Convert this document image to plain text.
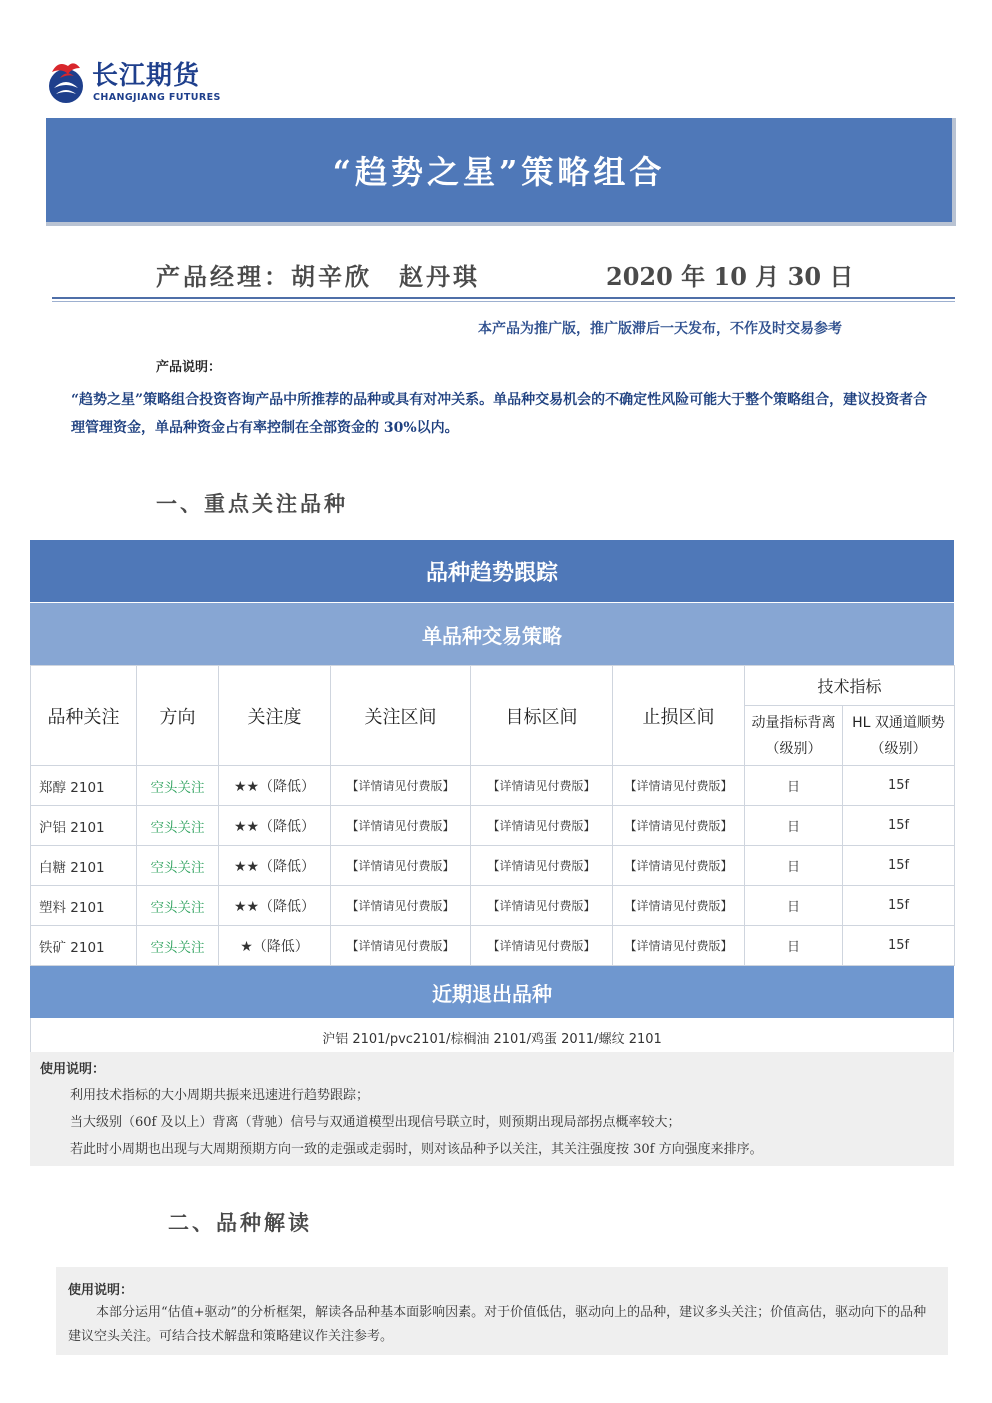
长江期货
CHANGJIANG FUTURES
“趋势之星”策略组合
产品经理：胡辛欣　赵丹琪	2020 年 10 月 30 日
本产品为推广版，推广版滞后一天发布，不作及时交易参考
产品说明：
“趋势之星”策略组合投资咨询产品中所推荐的品种或具有对冲关系。单品种交易机会的不确定性风险可能大于整个策略组合，建议投资者合理管理资金，单品种资金占有率控制在全部资金的 30%以内。
一、重点关注品种
品种趋势跟踪
单品种交易策略
品种关注	方向	关注度	关注区间	目标区间	止损区间	技术指标	
						动量指标背离（级别）	HL 双通道顺势（级别）
郑醇 2101	空头关注	★★（降低）	【详情请见付费版】	【详情请见付费版】	【详情请见付费版】	日	15f
沪铝 2101	空头关注	★★（降低）	【详情请见付费版】	【详情请见付费版】	【详情请见付费版】	日	15f
白糖 2101	空头关注	★★（降低）	【详情请见付费版】	【详情请见付费版】	【详情请见付费版】	日	15f
塑料 2101	空头关注	★★（降低）	【详情请见付费版】	【详情请见付费版】	【详情请见付费版】	日	15f
铁矿 2101	空头关注	★（降低）	【详情请见付费版】	【详情请见付费版】	【详情请见付费版】	日	15f
近期退出品种
沪铝 2101/pvc2101/棕榈油 2101/鸡蛋 2011/螺纹 2101
使用说明：
利用技术指标的大小周期共振来迅速进行趋势跟踪；
当大级别（60f 及以上）背离（背驰）信号与双通道模型出现信号联立时，则预期出现局部拐点概率较大；
若此时小周期也出现与大周期预期方向一致的走强或走弱时，则对该品种予以关注，其关注强度按 30f 方向强度来排序。
二、品种解读
使用说明：
本部分运用“估值+驱动”的分析框架，解读各品种基本面影响因素。对于价值低估，驱动向上的品种，建议多头关注；价值高估，驱动向下的品种建议空头关注。可结合技术解盘和策略建议作关注参考。
